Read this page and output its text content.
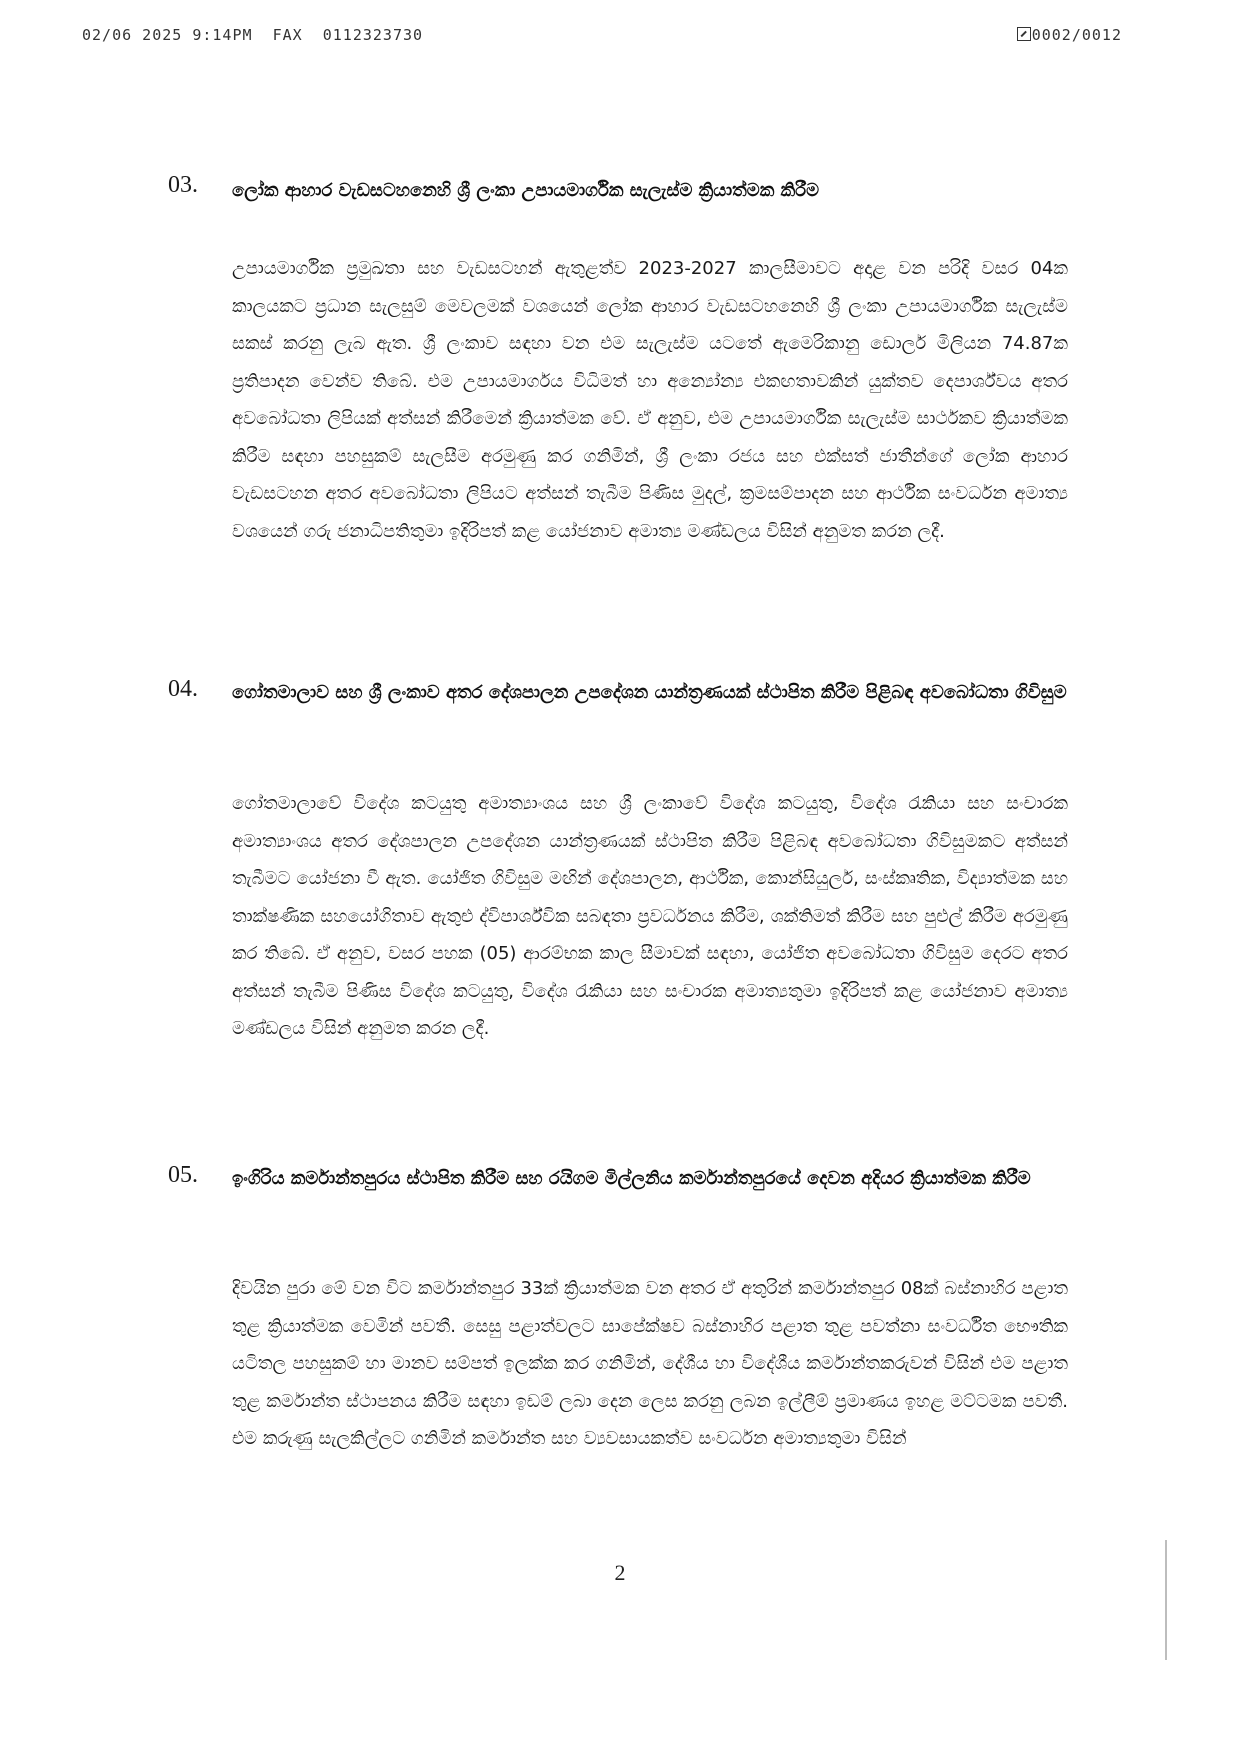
02/06 2025 9:14PM  FAX  0112323730	0002/0012
03. ලෝක ආහාර වැඩසටහනෙහි ශ්‍රී ලංකා උපායමාර්ගික සැලැස්ම ක්‍රියාත්මක කිරීම
උපායමාර්ගික ප්‍රමුඛතා සහ වැඩසටහන් ඇතුළත්ව 2023-2027 කාලසීමාවට අදාළ වන පරිදි වසර 04ක කාලයකට ප්‍රධාන සැලසුම් මෙවලමක් වශයෙන් ලෝක ආහාර වැඩසටහනෙහි ශ්‍රී ලංකා උපායමාර්ගික සැලැස්ම සකස් කරනු ලැබ ඇත. ශ්‍රී ලංකාව සඳහා වන එම සැලැස්ම යටතේ ඇමෙරිකානු ඩොලර් මිලියන 74.87ක ප්‍රතිපාදන වෙන්ව තිබේ. එම උපායමාර්ගය විධිමත් හා අන්‍යෝන්‍ය එකඟතාවකින් යුක්තව දෙපාර්ශ්වය අතර අවබෝධතා ලිපියක් අත්සන් කිරීමෙන් ක්‍රියාත්මක වේ. ඒ අනුව, එම උපායමාර්ගික සැලැස්ම සාර්ථකව ක්‍රියාත්මක කිරීම සඳහා පහසුකම් සැලසීම අරමුණු කර ගනිමින්, ශ්‍රී ලංකා රජය සහ එක්සත් ජාතීන්ගේ ලෝක ආහාර වැඩසටහන අතර අවබෝධතා ලිපියට අත්සන් තැබීම පිණිස මුදල්, ක්‍රමසම්පාදන සහ ආර්ථික සංවර්ධන අමාත්‍ය වශයෙන් ගරු ජනාධිපතිතුමා ඉදිරිපත් කළ යෝජනාව අමාත්‍ය මණ්ඩලය විසින් අනුමත කරන ලදී.
04. ගෝතමාලාව සහ ශ්‍රී ලංකාව අතර දේශපාලන උපදේශන යාන්ත්‍රණයක් ස්ථාපිත කිරීම පිළිබඳ අවබෝධතා ගිවිසුම
ගෝතමාලාවේ විදේශ කටයුතු අමාත්‍යාංශය සහ ශ්‍රී ලංකාවේ විදේශ කටයුතු, විදේශ රැකියා සහ සංචාරක අමාත්‍යාංශය අතර දේශපාලන උපදේශන යාන්ත්‍රණයක් ස්ථාපිත කිරීම පිළිබඳ අවබෝධතා ගිවිසුමකට අත්සන් තැබීමට යෝජනා වී ඇත. යෝජිත ගිවිසුම මඟින් දේශපාලන, ආර්ථික, කොන්සියුලර්, සංස්කෘතික, විද්‍යාත්මක සහ තාක්ෂණික සහයෝගිතාව ඇතුළු ද්විපාර්ශ්වික සබඳතා ප්‍රවර්ධනය කිරීම, ශක්තිමත් කිරීම සහ පුළුල් කිරීම අරමුණු කර තිබේ. ඒ අනුව, වසර පහක (05) ආරම්භක කාල සීමාවක් සඳහා, යෝජිත අවබෝධතා ගිවිසුම දෙරට අතර අත්සන් තැබීම පිණිස විදේශ කටයුතු, විදේශ රැකියා සහ සංචාරක අමාත්‍යතුමා ඉදිරිපත් කළ යෝජනාව අමාත්‍ය මණ්ඩලය විසින් අනුමත කරන ලදී.
05. ඉංගිරිය කර්මාන්තපුරය ස්ථාපිත කිරීම සහ රයිගම මිල්ලනිය කර්මාන්තපුරයේ දෙවන අදියර ක්‍රියාත්මක කිරීම
දිවයින පුරා මේ වන විට කර්මාන්තපුර 33ක් ක්‍රියාත්මක වන අතර ඒ අතුරින් කර්මාන්තපුර 08ක් බස්නාහිර පළාත තුළ ක්‍රියාත්මක වෙමින් පවතී. සෙසු පළාත්වලට සාපේක්ෂව බස්නාහිර පළාත තුළ පවත්නා සංවර්ධිත භෞතික යටිතල පහසුකම් හා මානව සම්පත් ඉලක්ක කර ගනිමින්, දේශීය හා විදේශීය කර්මාන්තකරුවන් විසින් එම පළාත තුළ කර්මාන්ත ස්ථාපනය කිරීම සඳහා ඉඩම් ලබා දෙන ලෙස කරනු ලබන ඉල්ලීම් ප්‍රමාණය ඉහළ මට්ටමක පවතී. එම කරුණු සැලකිල්ලට ගනිමින් කර්මාන්ත සහ ව්‍යවසායකත්ව සංවර්ධන අමාත්‍යතුමා විසින්
2
